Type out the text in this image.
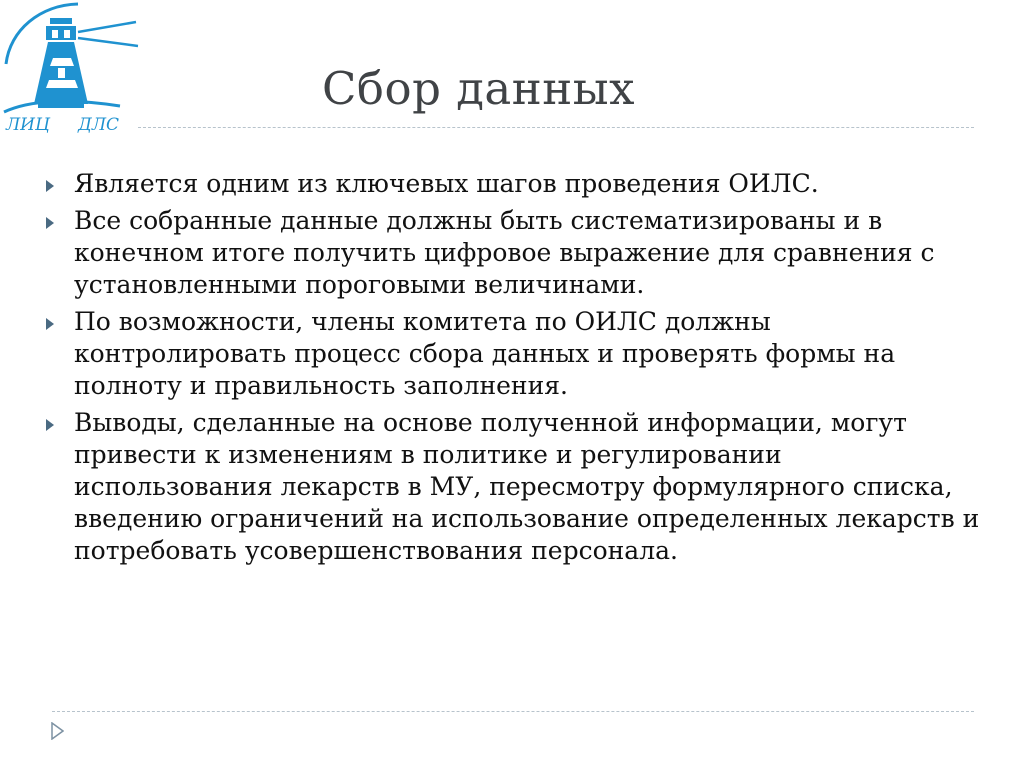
ЛИЦ ДЛС
Сбор данных
Является одним из ключевых шагов проведения ОИЛС.
Все собранные данные должны быть систематизированы и в конечном итоге получить цифровое выражение для сравнения с установленными пороговыми величинами.
По возможности, члены комитета по ОИЛС должны контролировать процесс сбора данных и проверять формы на полноту и правильность заполнения.
Выводы, сделанные на основе полученной информации, могут привести к изменениям в политике и регулировании использования лекарств в МУ, пересмотру формулярного списка, введению ограничений на использование определенных лекарств и потребовать усовершенствования персонала.
